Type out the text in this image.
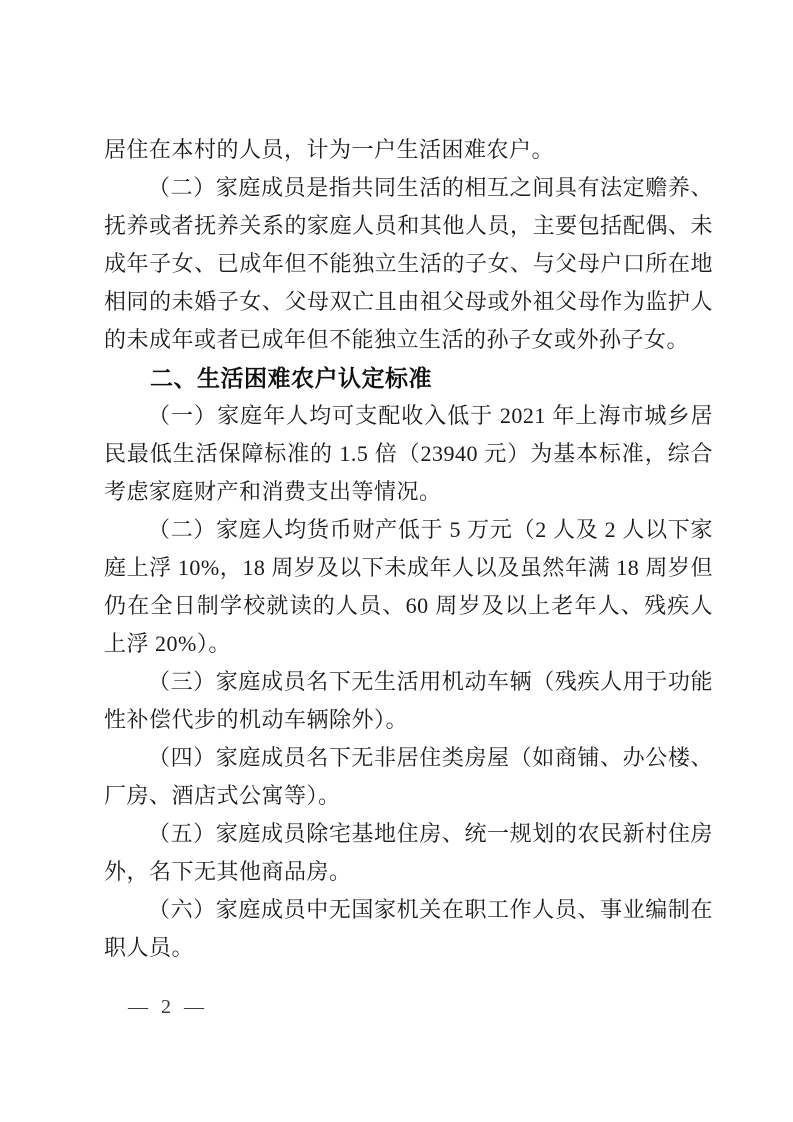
居住在本村的人员，计为一户生活困难农户。

（二）家庭成员是指共同生活的相互之间具有法定赡养、抚养或者抚养关系的家庭人员和其他人员，主要包括配偶、未成年子女、已成年但不能独立生活的子女、与父母户口所在地相同的未婚子女、父母双亡且由祖父母或外祖父母作为监护人的未成年或者已成年但不能独立生活的孙子女或外孙子女。

二、生活困难农户认定标准

（一）家庭年人均可支配收入低于 2021 年上海市城乡居民最低生活保障标准的 1.5 倍（23940 元）为基本标准，综合考虑家庭财产和消费支出等情况。

（二）家庭人均货币财产低于 5 万元（2 人及 2 人以下家庭上浮 10%，18 周岁及以下未成年人以及虽然年满 18 周岁但仍在全日制学校就读的人员、60 周岁及以上老年人、残疾人上浮 20%）。

（三）家庭成员名下无生活用机动车辆（残疾人用于功能性补偿代步的机动车辆除外）。

（四）家庭成员名下无非居住类房屋（如商铺、办公楼、厂房、酒店式公寓等）。

（五）家庭成员除宅基地住房、统一规划的农民新村住房外，名下无其他商品房。

（六）家庭成员中无国家机关在职工作人员、事业编制在职人员。

— 2 —
